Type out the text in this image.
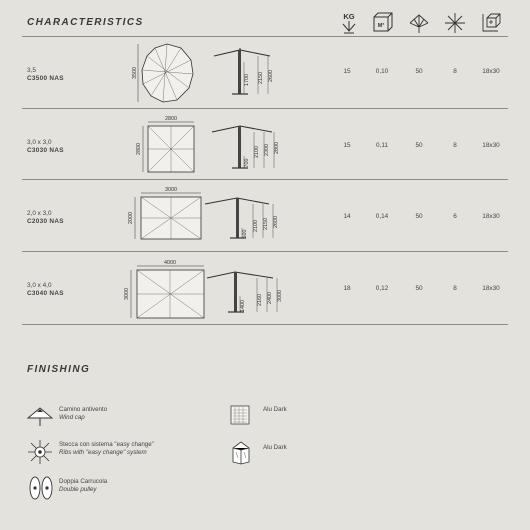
CHARACTERISTICS
KG
M³
3,5
C3500 NAS	3500
1700 2150 2600	15	0,10	50	8	18x30
3,0 x 3,0
C3030 NAS
2800
2800
700
2100 2300 2800	15	0,11	50	8	18x30
2,0 x 3,0
C2030 NAS
3000
2000
500
2100 2150 2600	14	0,14	50	6	18x30
3,0 x 4,0
C3040 NAS
4000
3000
1400 2160 2400 3000
18	0,12	50	8	18x30
FINISHING
Camino antivento
Wind cap
Stecca con sistema "easy change"
Ribs with "easy change" system
Doppia Carrucola
Double pulley
Alu Dark
Alu Dark
